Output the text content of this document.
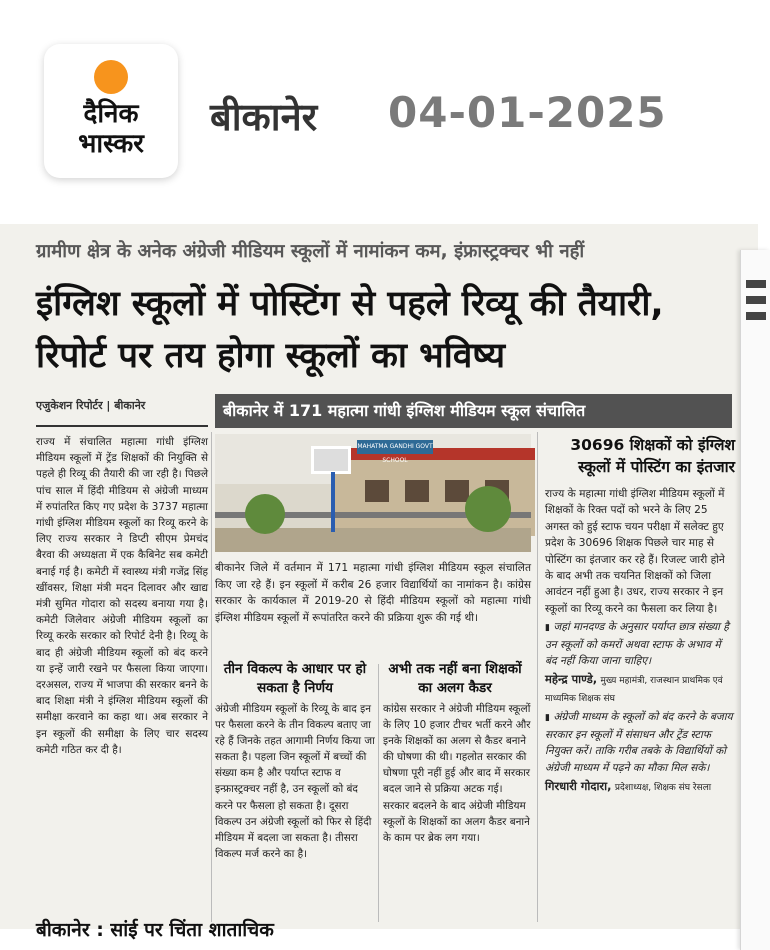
दैनिक
भास्कर
बीकानेर 04-01-2025
ग्रामीण क्षेत्र के अनेक अंग्रेजी मीडियम स्कूलों में नामांकन कम, इंफ्रास्ट्रक्चर भी नहीं
इंग्लिश स्कूलों में पोस्टिंग से पहले रिव्यू की तैयारी, रिपोर्ट पर तय होगा स्कूलों का भविष्य
एजुकेशन रिपोर्टर | बीकानेर	बीकानेर में 171 महात्मा गांधी इंग्लिश मीडियम स्कूल संचालित
राज्य में संचालित महात्मा गांधी इंग्लिश मीडियम स्कूलों में ट्रेंड शिक्षकों की नियुक्ति से पहले ही रिव्यू की तैयारी की जा रही है। पिछले पांच साल में हिंदी मीडियम से अंग्रेजी माध्यम में रुपांतरित किए गए प्रदेश के 3737 महात्मा गांधी इंग्लिश मीडियम स्कूलों का रिव्यू करने के लिए राज्य सरकार ने डिप्टी सीएम प्रेमचंद बैरवा की अध्यक्षता में एक कैबिनेट सब कमेटी बनाई गई है। कमेटी में स्वास्थ्य मंत्री गजेंद्र सिंह खींवसर, शिक्षा मंत्री मदन दिलावर और खाद्य मंत्री सुमित गोदारा को सदस्य बनाया गया है। कमेटी जिलेवार अंग्रेजी मीडियम स्कूलों का रिव्यू करके सरकार को रिपोर्ट देनी है। रिव्यू के बाद ही अंग्रेजी मीडियम स्कूलों को बंद करने या इन्हें जारी रखने पर फैसला किया जाएगा। दरअसल, राज्य में भाजपा की सरकार बनने के बाद शिक्षा मंत्री ने इंग्लिश मीडियम स्कूलों की समीक्षा करवाने का कहा था। अब सरकार ने इन स्कूलों की समीक्षा के लिए चार सदस्य कमेटी गठित कर दी है।
MAHATMA GANDHI GOVT SCHOOL
बीकानेर जिले में वर्तमान में 171 महात्मा गांधी इंग्लिश मीडियम स्कूल संचालित किए जा रहे हैं। इन स्कूलों में करीब 26 हजार विद्यार्थियों का नामांकन है। कांग्रेस सरकार के कार्यकाल में 2019-20 से हिंदी मीडियम स्कूलों को महात्मा गांधी इंग्लिश मीडियम स्कूलों में रूपांतरित करने की प्रक्रिया शुरू की गई थी।
तीन विकल्प के आधार पर हो सकता है निर्णय
अंग्रेजी मीडियम स्कूलों के रिव्यू के बाद इन पर फैसला करने के तीन विकल्प बताए जा रहे हैं जिनके तहत आगामी निर्णय किया जा सकता है। पहला जिन स्कूलों में बच्चों की संख्या कम है और पर्याप्त स्टाफ व इन्फ्रास्ट्रक्चर नहीं है, उन स्कूलों को बंद करने पर फैसला हो सकता है। दूसरा विकल्प उन अंग्रेजी स्कूलों को फिर से हिंदी मीडियम में बदला जा सकता है। तीसरा विकल्प मर्ज करने का है।
अभी तक नहीं बना शिक्षकों का अलग कैडर
कांग्रेस सरकार ने अंग्रेजी मीडियम स्कूलों के लिए 10 हजार टीचर भर्ती करने और इनके शिक्षकों का अलग से कैडर बनाने की घोषणा की थी। गहलोत सरकार की घोषणा पूरी नहीं हुई और बाद में सरकार बदल जाने से प्रक्रिया अटक गई। सरकार बदलने के बाद अंग्रेजी मीडियम स्कूलों के शिक्षकों का अलग कैडर बनाने के काम पर ब्रेक लग गया।
30696 शिक्षकों को इंग्लिश स्कूलों में पोस्टिंग का इंतजार

राज्य के महात्मा गांधी इंग्लिश मीडियम स्कूलों में शिक्षकों के रिक्त पदों को भरने के लिए 25 अगस्त को हुई स्टाफ चयन परीक्षा में सलेक्ट हुए प्रदेश के 30696 शिक्षक पिछले चार माह से पोस्टिंग का इंतजार कर रहे हैं। रिजल्ट जारी होने के बाद अभी तक चयनित शिक्षकों को जिला आवंटन नहीं हुआ है। उधर, राज्य सरकार ने इन स्कूलों का रिव्यू करने का फैसला कर लिया है।

▮ जहां मानदण्ड के अनुसार पर्याप्त छात्र संख्या है उन स्कूलों को कमरों अथवा स्टाफ के अभाव में बंद नहीं किया जाना चाहिए।

महेन्द्र पाण्डे, मुख्य महामंत्री, राजस्थान प्राथमिक एवं माध्यमिक शिक्षक संघ

▮ अंग्रेजी माध्यम के स्कूलों को बंद करने के बजाय सरकार इन स्कूलों में संसाधन और ट्रेंड स्टाफ नियुक्त करें। ताकि गरीब तबके के विद्यार्थियों को अंग्रेजी माध्यम में पढ़ने का मौका मिल सके।

गिरधारी गोदारा, प्रदेशाध्यक्ष, शिक्षक संघ रेसला

बीकानेर : सांई पर चिंता शाताचिक
